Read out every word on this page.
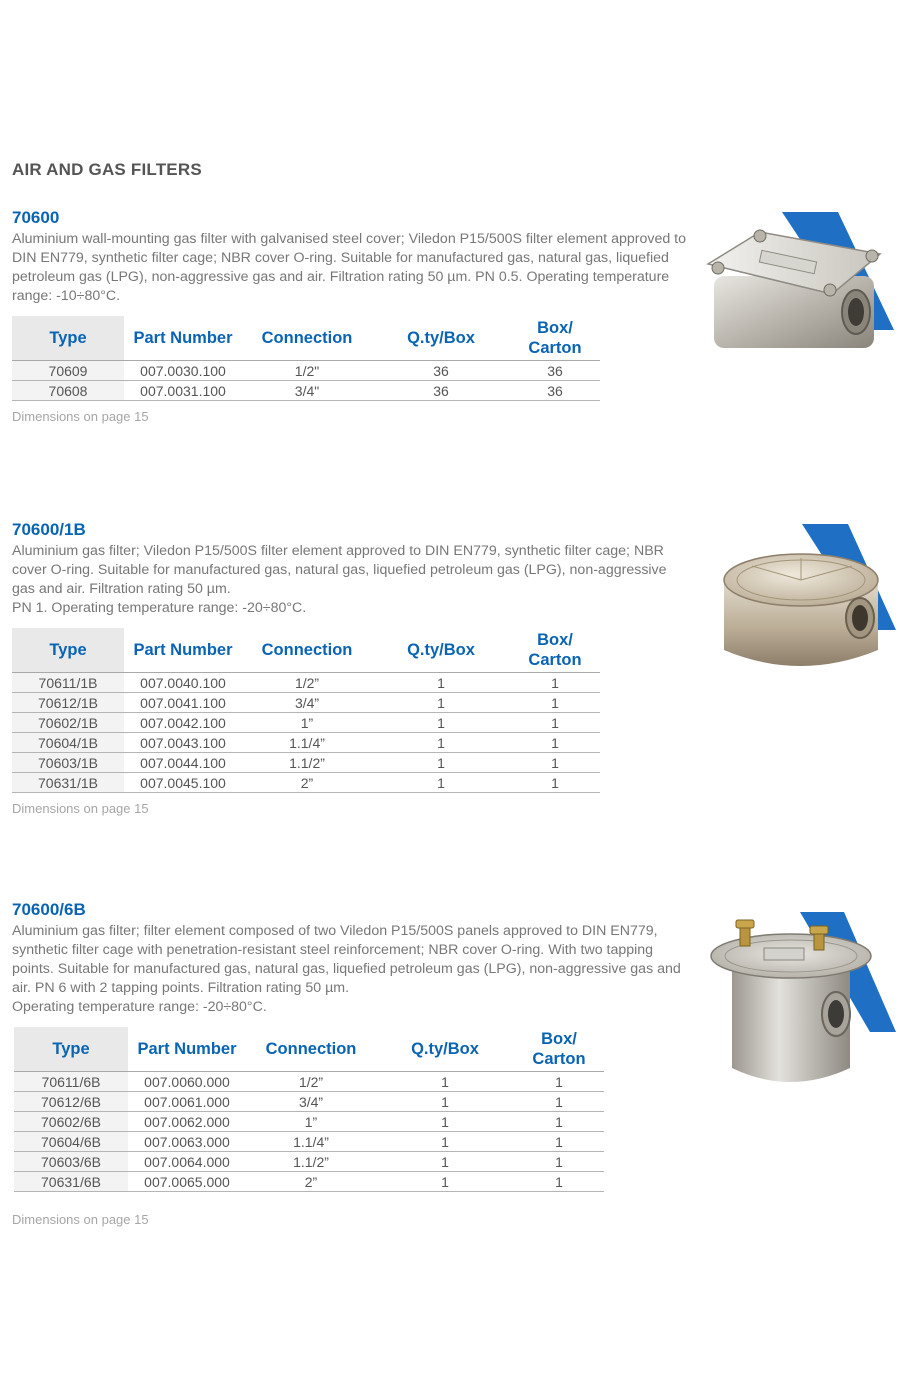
AIR AND GAS FILTERS
70600

Aluminium wall-mounting gas filter with galvanised steel cover; Viledon P15/500S filter element approved to DIN EN779, synthetic filter cage; NBR cover O-ring. Suitable for manufactured gas, natural gas, liquefied petroleum gas (LPG), non-aggressive gas and air. Filtration rating 50 µm. PN 0.5. Operating temperature range: -10÷80°C.

Type	Part Number	Connection	Q.ty/Box	Box/
Carton
70609	007.0030.100	1/2"	36	36
70608	007.0031.100	3/4"	36	36
Dimensions on page 15
70600/1B

Aluminium gas filter; Viledon P15/500S filter element approved to DIN EN779, synthetic filter cage; NBR cover O-ring. Suitable for manufactured gas, natural gas, liquefied petroleum gas (LPG), non-aggressive gas and air. Filtration rating 50 µm.

PN 1. Operating temperature range: -20÷80°C.

Type	Part Number	Connection	Q.ty/Box	Box/
Carton
70611/1B	007.0040.100	1/2”	1	1
70612/1B	007.0041.100	3/4”	1	1
70602/1B	007.0042.100	1”	1	1
70604/1B	007.0043.100	1.1/4”	1	1
70603/1B	007.0044.100	1.1/2”	1	1
70631/1B	007.0045.100	2”	1	1
Dimensions on page 15
70600/6B

Aluminium gas filter; filter element composed of two Viledon P15/500S panels approved to DIN EN779, synthetic filter cage with penetration-resistant steel reinforcement; NBR cover O-ring. With two tapping points. Suitable for manufactured gas, natural gas, liquefied petroleum gas (LPG), non-aggressive gas and air. PN 6 with 2 tapping points. Filtration rating 50 µm.

Operating temperature range: -20÷80°C.

Type	Part Number	Connection	Q.ty/Box	Box/
Carton
70611/6B	007.0060.000	1/2”	1	1
70612/6B	007.0061.000	3/4”	1	1
70602/6B	007.0062.000	1”	1	1
70604/6B	007.0063.000	1.1/4”	1	1
70603/6B	007.0064.000	1.1/2”	1	1
70631/6B	007.0065.000	2”	1	1
Dimensions on page 15
